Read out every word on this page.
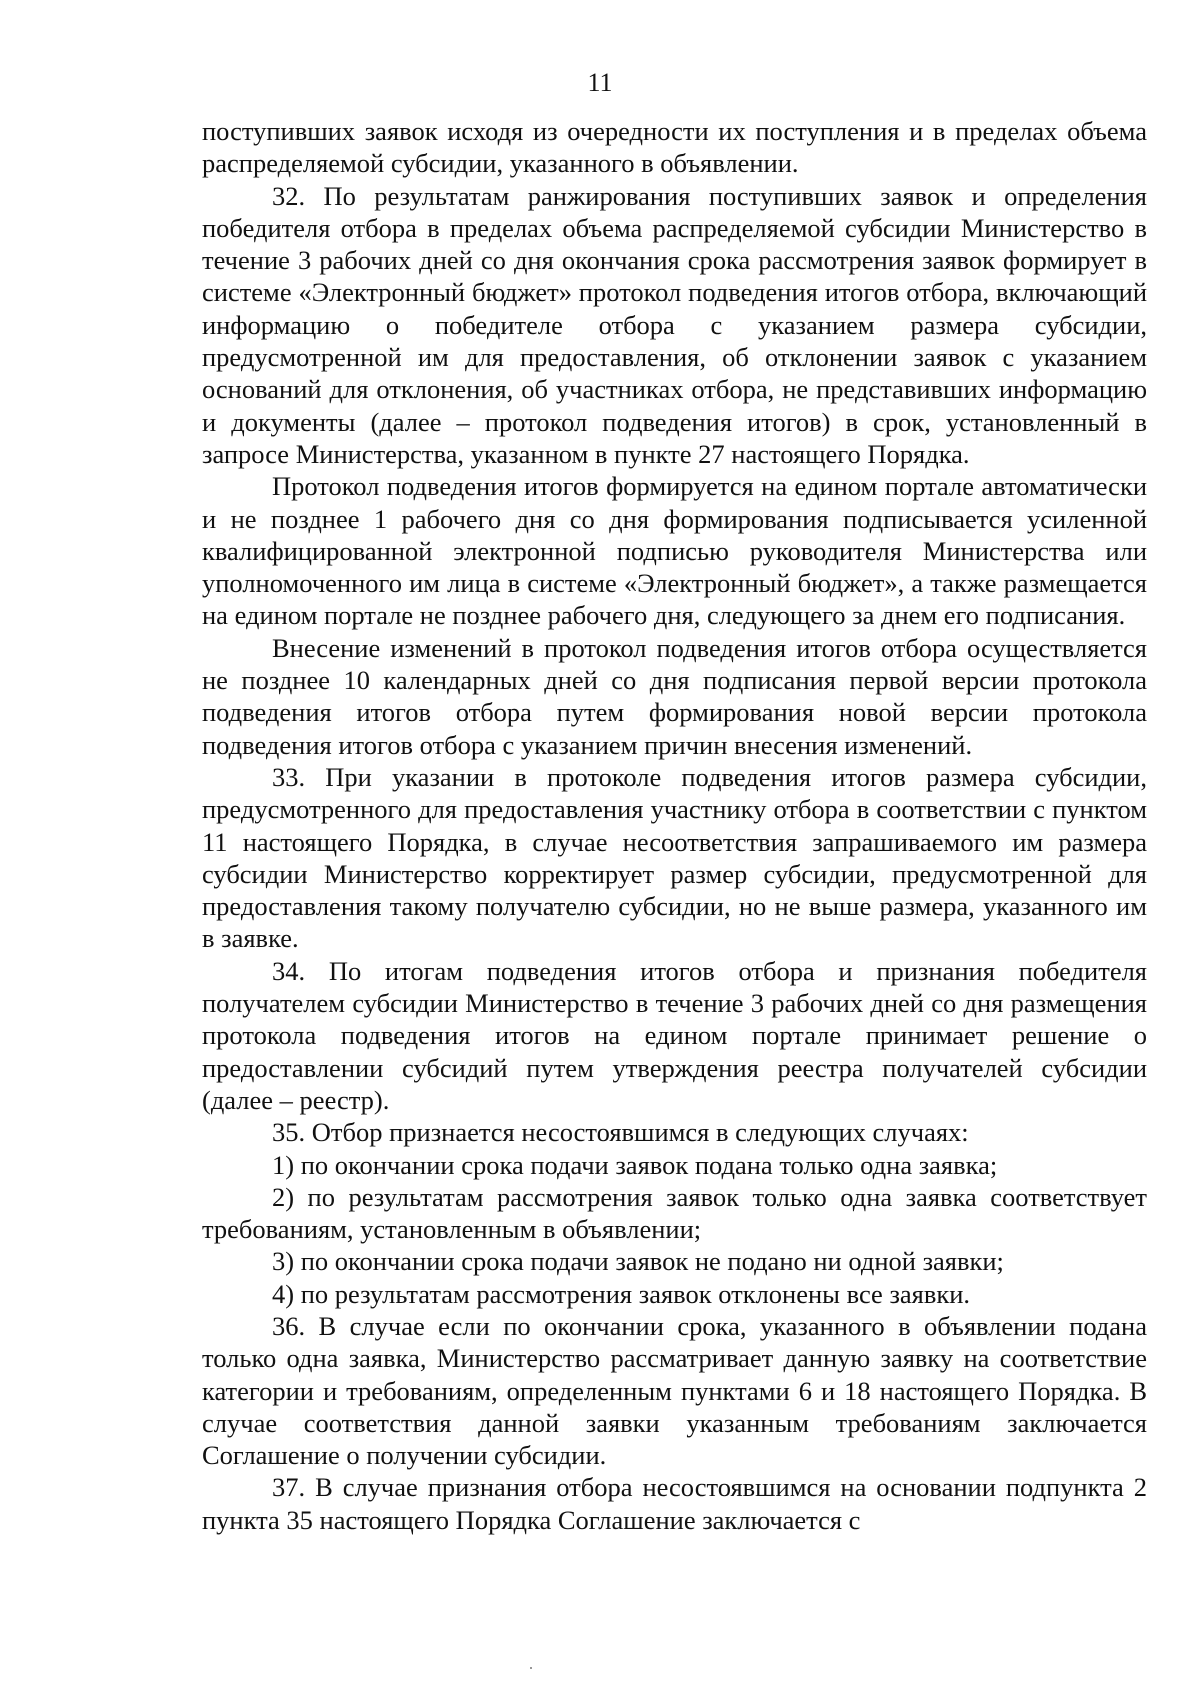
11

поступивших заявок исходя из очередности их поступления и в пределах объема распределяемой субсидии, указанного в объявлении.

32. По результатам ранжирования поступивших заявок и определения победителя отбора в пределах объема распределяемой субсидии Министерство в течение 3 рабочих дней со дня окончания срока рассмотрения заявок формирует в системе «Электронный бюджет» протокол подведения итогов отбора, включающий информацию о победителе отбора с указанием размера субсидии, предусмотренной им для предоставления, об отклонении заявок с указанием оснований для отклонения, об участниках отбора, не представивших информацию и документы (далее – протокол подведения итогов) в срок, установленный в запросе Министерства, указанном в пункте 27 настоящего Порядка.

Протокол подведения итогов формируется на едином портале автоматически и не позднее 1 рабочего дня со дня формирования подписывается усиленной квалифицированной электронной подписью руководителя Министерства или уполномоченного им лица в системе «Электронный бюджет», а также размещается на едином портале не позднее рабочего дня, следующего за днем его подписания.

Внесение изменений в протокол подведения итогов отбора осуществляется не позднее 10 календарных дней со дня подписания первой версии протокола подведения итогов отбора путем формирования новой версии протокола подведения итогов отбора с указанием причин внесения изменений.

33. При указании в протоколе подведения итогов размера субсидии, предусмотренного для предоставления участнику отбора в соответствии с пунктом 11 настоящего Порядка, в случае несоответствия запрашиваемого им размера субсидии Министерство корректирует размер субсидии, предусмотренной для предоставления такому получателю субсидии, но не выше размера, указанного им в заявке.

34. По итогам подведения итогов отбора и признания победителя получателем субсидии Министерство в течение 3 рабочих дней со дня размещения протокола подведения итогов на едином портале принимает решение о предоставлении субсидий путем утверждения реестра получателей субсидии (далее – реестр).

35. Отбор признается несостоявшимся в следующих случаях:

1) по окончании срока подачи заявок подана только одна заявка;

2) по результатам рассмотрения заявок только одна заявка соответствует требованиям, установленным в объявлении;

3) по окончании срока подачи заявок не подано ни одной заявки;

4) по результатам рассмотрения заявок отклонены все заявки.

36. В случае если по окончании срока, указанного в объявлении подана только одна заявка, Министерство рассматривает данную заявку на соответствие категории и требованиям, определенным пунктами 6 и 18 настоящего Порядка. В случае соответствия данной заявки указанным требованиям заключается Соглашение о получении субсидии.

37. В случае признания отбора несостоявшимся на основании подпункта 2 пункта 35 настоящего Порядка Соглашение заключается с
